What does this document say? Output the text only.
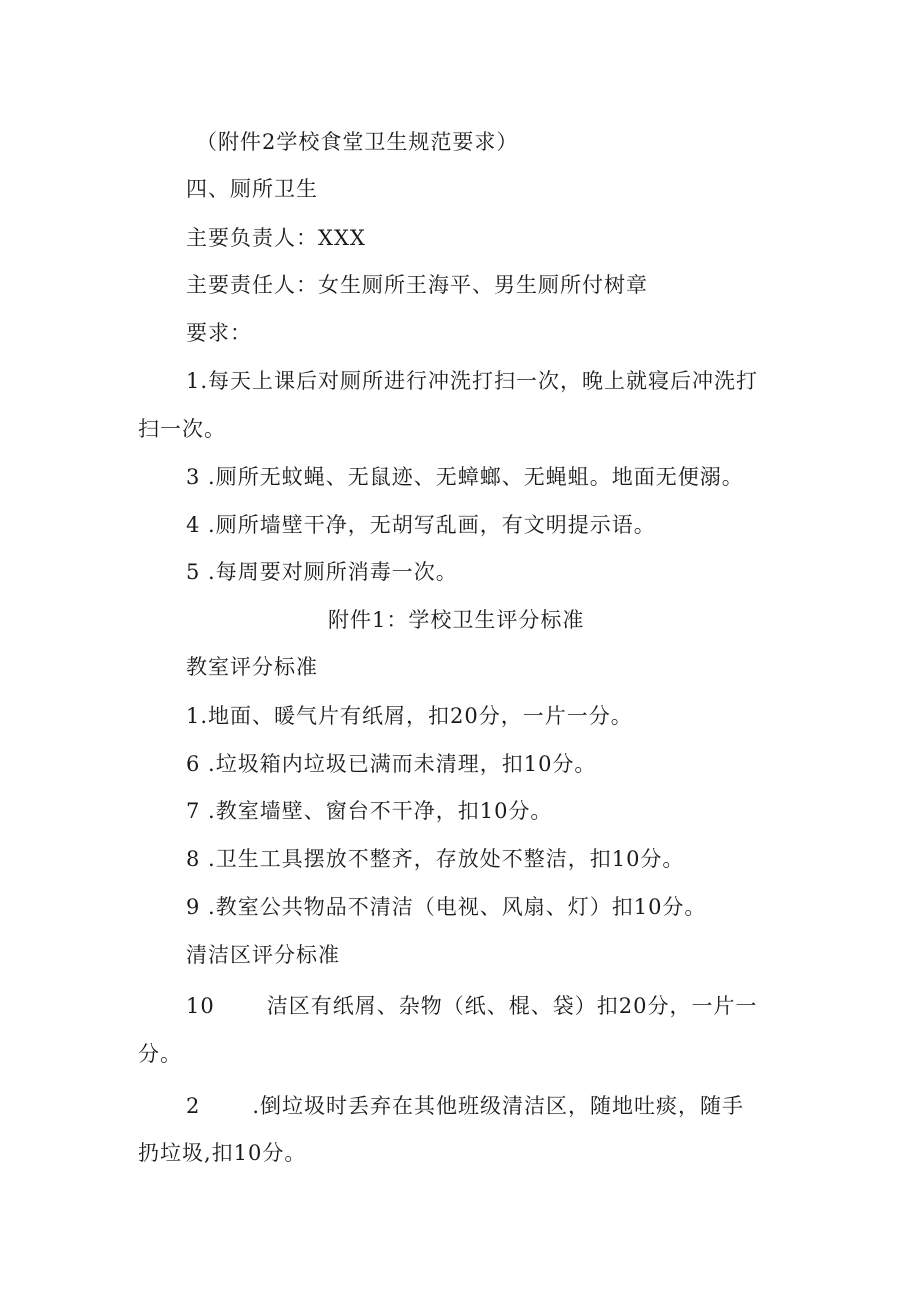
（附件2学校食堂卫生规范要求）
四、厕所卫生
主要负责人：XXX
主要责任人：女生厕所王海平、男生厕所付树章
要求：
1.每天上课后对厕所进行冲洗打扫一次，晚上就寝后冲洗打
扫一次。
3 .厕所无蚊蝇、无鼠迹、无蟑螂、无蝇蛆。地面无便溺。
4 .厕所墙壁干净，无胡写乱画，有文明提示语。
5 .每周要对厕所消毒一次。
附件1：学校卫生评分标准
教室评分标准
1.地面、暖气片有纸屑，扣20分，一片一分。
6 .垃圾箱内垃圾已满而未清理，扣10分。
7 .教室墙壁、窗台不干净，扣10分。
8 .卫生工具摆放不整齐，存放处不整洁，扣10分。
9 .教室公共物品不清洁（电视、风扇、灯）扣10分。
清洁区评分标准
10 洁区有纸屑、杂物（纸、棍、袋）扣20分，一片一
分。
2 .倒垃圾时丢弃在其他班级清洁区，随地吐痰，随手
扔垃圾,扣10分。
